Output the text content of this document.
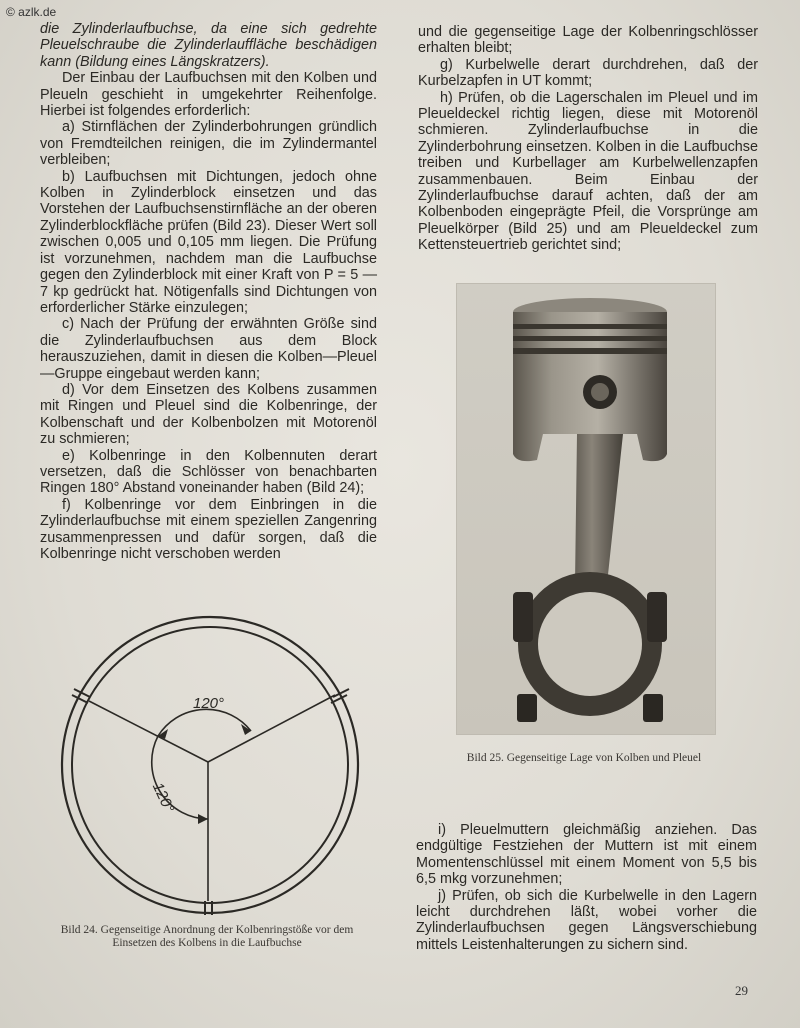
© azlk.de

die Zylinderlaufbuchse, da eine sich gedrehte Pleuelschraube die Zylinderlauffläche beschädigen kann (Bildung eines Längskratzers).

Der Einbau der Laufbuchsen mit den Kolben und Pleueln geschieht in umgekehrter Reihenfolge. Hierbei ist folgendes erforderlich:

a) Stirnflächen der Zylinderbohrungen gründlich von Fremdteilchen reinigen, die im Zylindermantel verbleiben;

b) Laufbuchsen mit Dichtungen, jedoch ohne Kolben in Zylinderblock einsetzen und das Vorstehen der Laufbuchsenstirnfläche an der oberen Zylinderblockfläche prüfen (Bild 23). Dieser Wert soll zwischen 0,005 und 0,105 mm liegen. Die Prüfung ist vorzunehmen, nachdem man die Laufbuchse gegen den Zylinderblock mit einer Kraft von P = 5 — 7 kp gedrückt hat. Nötigenfalls sind Dichtungen von erforderlicher Stärke einzulegen;

c) Nach der Prüfung der erwähnten Größe sind die Zylinderlaufbuchsen aus dem Block herauszuziehen, damit in diesen die Kolben—Pleuel—Gruppe eingebaut werden kann;

d) Vor dem Einsetzen des Kolbens zusammen mit Ringen und Pleuel sind die Kolbenringe, der Kolbenschaft und der Kolbenbolzen mit Motorenöl zu schmieren;

e) Kolbenringe in den Kolbennuten derart versetzen, daß die Schlösser von benachbarten Ringen 180° Abstand voneinander haben (Bild 24);

f) Kolbenringe vor dem Einbringen in die Zylinderlaufbuchse mit einem speziellen Zangenring zusammenpressen und dafür sorgen, daß die Kolbenringe nicht verschoben werden

und die gegenseitige Lage der Kolbenringschlösser erhalten bleibt;

g) Kurbelwelle derart durchdrehen, daß der Kurbelzapfen in UT kommt;

h) Prüfen, ob die Lagerschalen im Pleuel und im Pleueldeckel richtig liegen, diese mit Motorenöl schmieren. Zylinderlaufbuchse in die Zylinderbohrung einsetzen. Kolben in die Laufbuchse treiben und Kurbellager am Kurbelwellenzapfen zusammenbauen. Beim Einbau der Zylinderlaufbuchse darauf achten, daß der am Kolbenboden eingeprägte Pfeil, die Vorsprünge am Pleuelkörper (Bild 25) und am Pleueldeckel zum Kettensteuertrieb gerichtet sind;

Bild 25. Gegenseitige Lage von Kolben und Pleuel
120°
120°
Bild 24. Gegenseitige Anordnung der Kolbenringstöße vor dem Einsetzen des Kolbens in die Laufbuchse

i) Pleuelmuttern gleichmäßig anziehen. Das endgültige Festziehen der Muttern ist mit einem Momentenschlüssel mit einem Moment von 5,5 bis 6,5 mkg vorzunehmen;

j) Prüfen, ob sich die Kurbelwelle in den Lagern leicht durchdrehen läßt, wobei vorher die Zylinderlaufbuchsen gegen Längsverschiebung mittels Leistenhalterungen zu sichern sind.

29
